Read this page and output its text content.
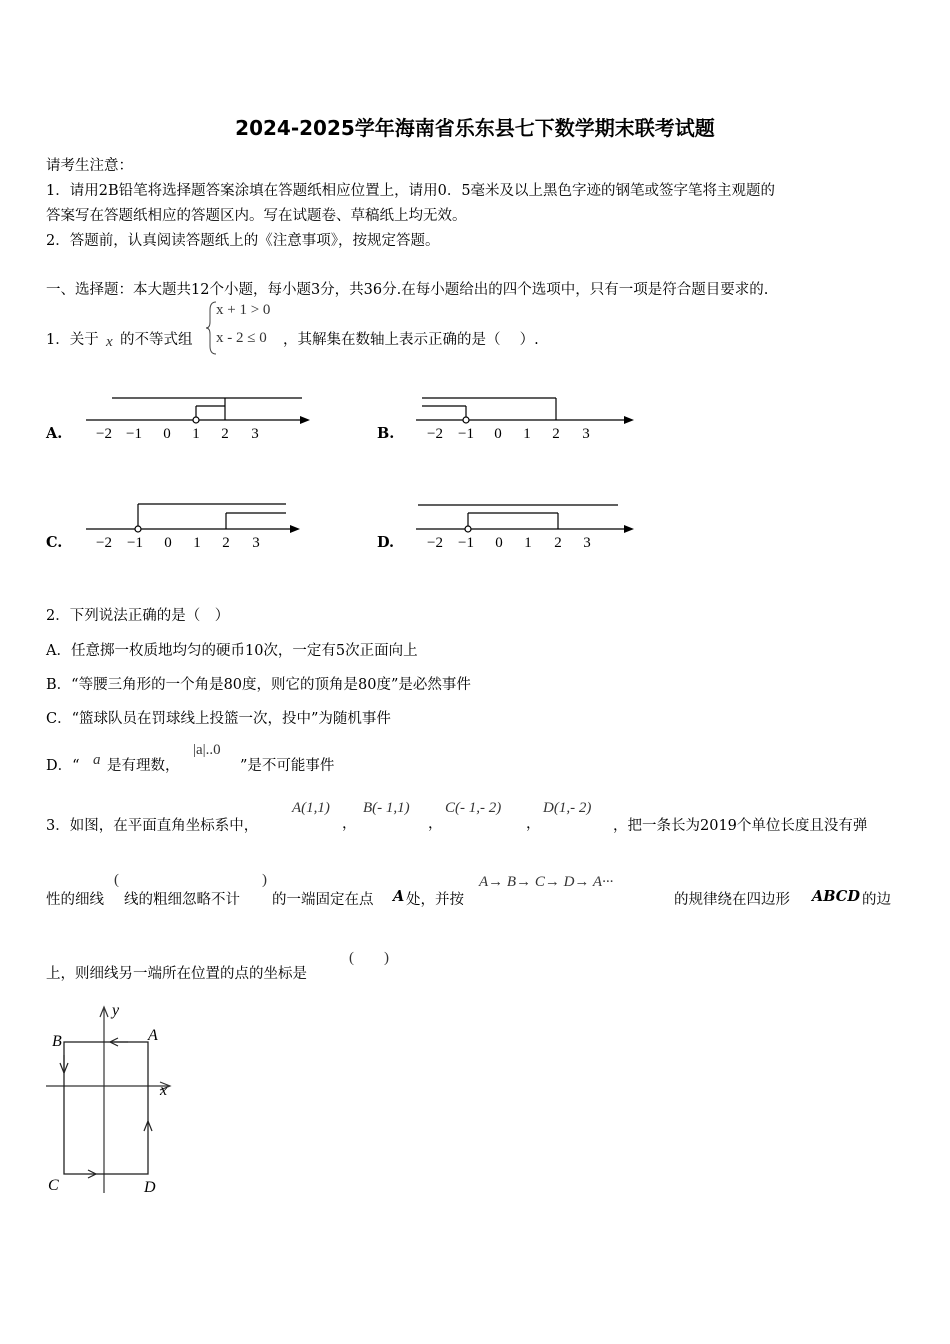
2024-2025学年海南省乐东县七下数学期末联考试题
请考生注意：
1．请用2B铅笔将选择题答案涂填在答题纸相应位置上，请用0．5毫米及以上黑色字迹的钢笔或签字笔将主观题的
答案写在答题纸相应的答题区内。写在试题卷、草稿纸上均无效。
2．答题前，认真阅读答题纸上的《注意事项》，按规定答题。
一、选择题：本大题共12个小题，每小题3分，共36分.在每小题给出的四个选项中，只有一项是符合题目要求的.
1．关于 x 的不等式组
x + 1 > 0
x - 2 ≤ 0 ，其解集在数轴上表示正确的是（　 ）.
A.	B.
C.	D.
−2 −1 0 1 2 3	−2 −1 0 1 2 3
−2 −1 0 1 2 3	−2 −1 0 1 2 3
2．下列说法正确的是（　）
A．任意掷一枚质地均匀的硬币10次，一定有5次正面向上
B．“等腰三角形的一个角是80度，则它的顶角是80度”是必然事件
C．“篮球队员在罚球线上投篮一次，投中”为随机事件
D．“ a 是有理数，
|a|..0
”是不可能事件
3．如图，在平面直角坐标系中，
A(1,1)
，
B(- 1,1)
，
C(- 1,- 2)
，
D(1,- 2)
，把一条长为2019个单位长度且没有弹
性的细线
(
线的粗细忽略不计
)
的一端固定在点 A 处，并按
A→ B→ C→ D→ A···
的规律绕在四边形 ABCD 的边
上，则细线另一端所在位置的点的坐标是
(　　)
x
y
A
B
C	D
